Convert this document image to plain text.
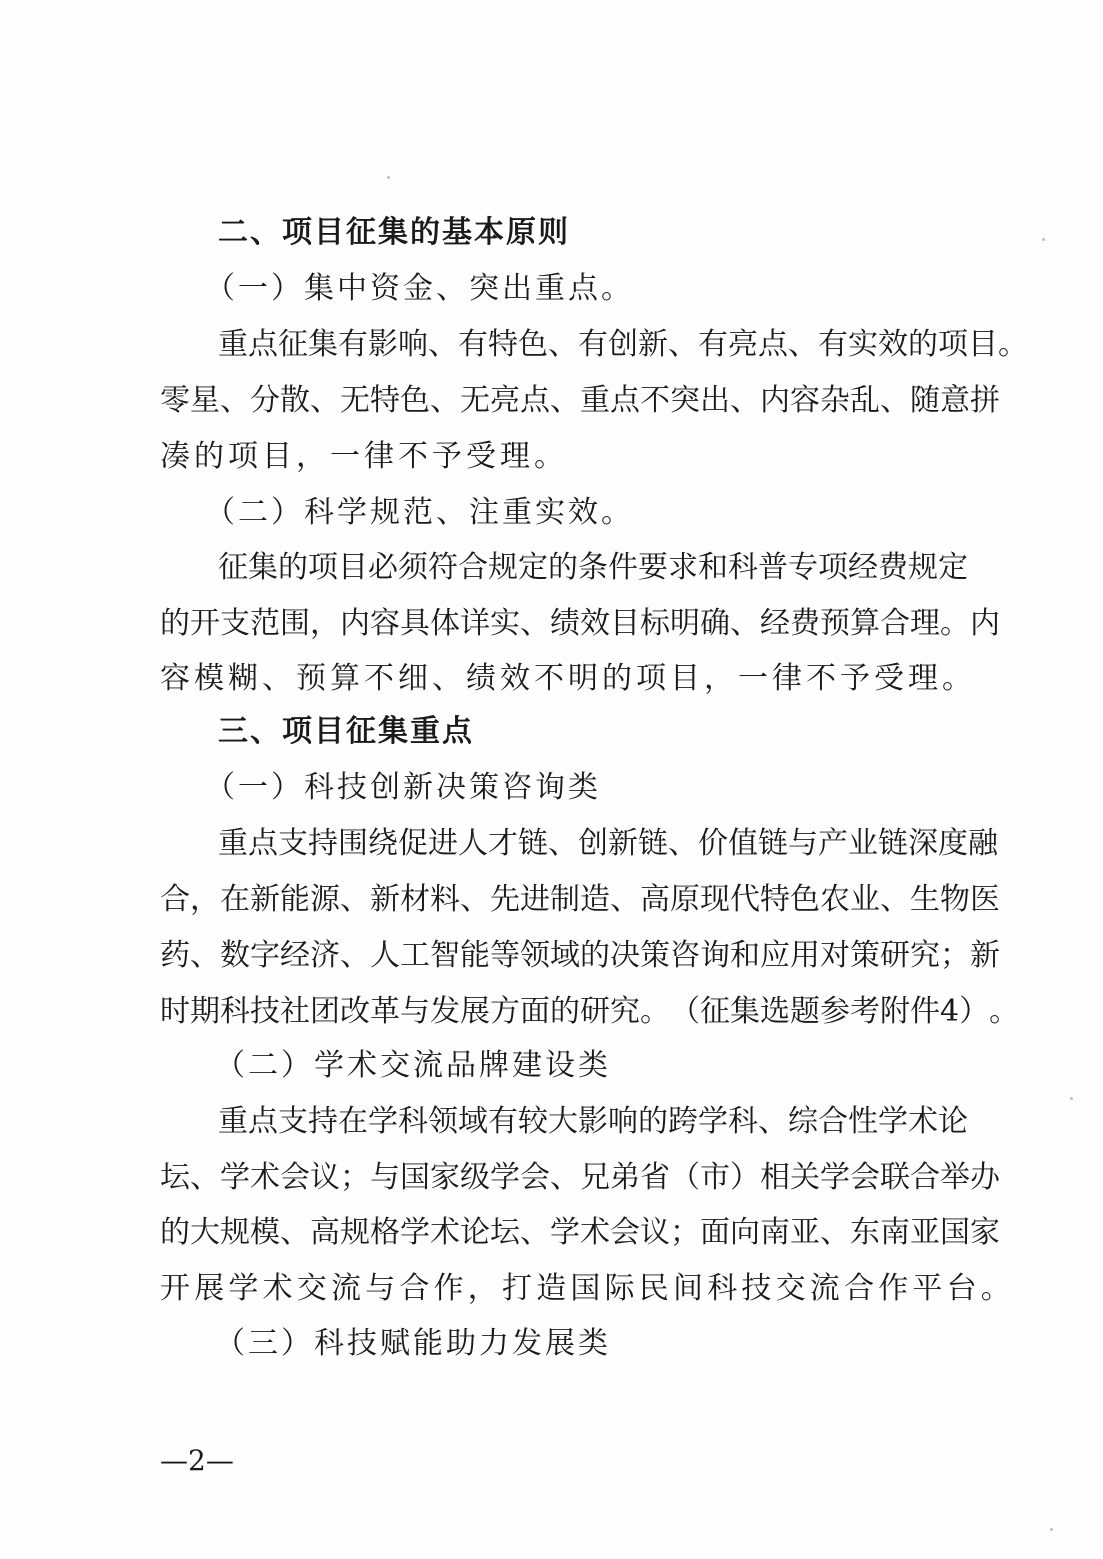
二、项目征集的基本原则
（一）集中资金、突出重点。
重 点 征 集 有 影 响 、 有 特 色 、 有 创 新 、 有 亮 点 、 有 实 效 的 项 目 。
零 星 、 分 散 、 无 特 色 、 无 亮 点 、 重 点 不 突 出 、 内 容 杂 乱 、 随 意 拼
凑的项目，一律不予受理。
（二）科学规范、注重实效。
征 集 的 项 目 必 须 符 合 规 定 的 条 件 要 求 和 科 普 专 项 经 费 规 定
的 开 支 范 围 ， 内 容 具 体 详 实 、 绩 效 目 标 明 确 、 经 费 预 算 合 理 。 内
容模糊、预算不细、绩效不明的项目，一律不予受理。
三、项目征集重点
（一）科技创新决策咨询类
重 点 支 持 围 绕 促 进 人 才 链 、 创 新 链 、 价 值 链 与 产 业 链 深 度 融
合 ， 在 新 能 源 、 新 材 料 、 先 进 制 造 、 高 原 现 代 特 色 农 业 、 生 物 医
药 、 数 字 经 济 、 人 工 智 能 等 领 域 的 决 策 咨 询 和 应 用 对 策 研 究 ； 新
时 期 科 技 社 团 改 革 与 发 展 方 面 的 研 究 。 （ 征 集 选 题 参 考 附 件 4 ） 。
（二）学术交流品牌建设类
重 点 支 持 在 学 科 领 域 有 较 大 影 响 的 跨 学 科 、 综 合 性 学 术 论
坛 、 学 术 会 议 ； 与 国 家 级 学 会 、 兄 弟 省 （ 市 ） 相 关 学 会 联 合 举 办
的 大 规 模 、 高 规 格 学 术 论 坛 、 学 术 会 议 ； 面 向 南 亚 、 东 南 亚 国 家
开展学术交流与合作，打造国际民间科技交流合作平台。
（三）科技赋能助力发展类
—2—
